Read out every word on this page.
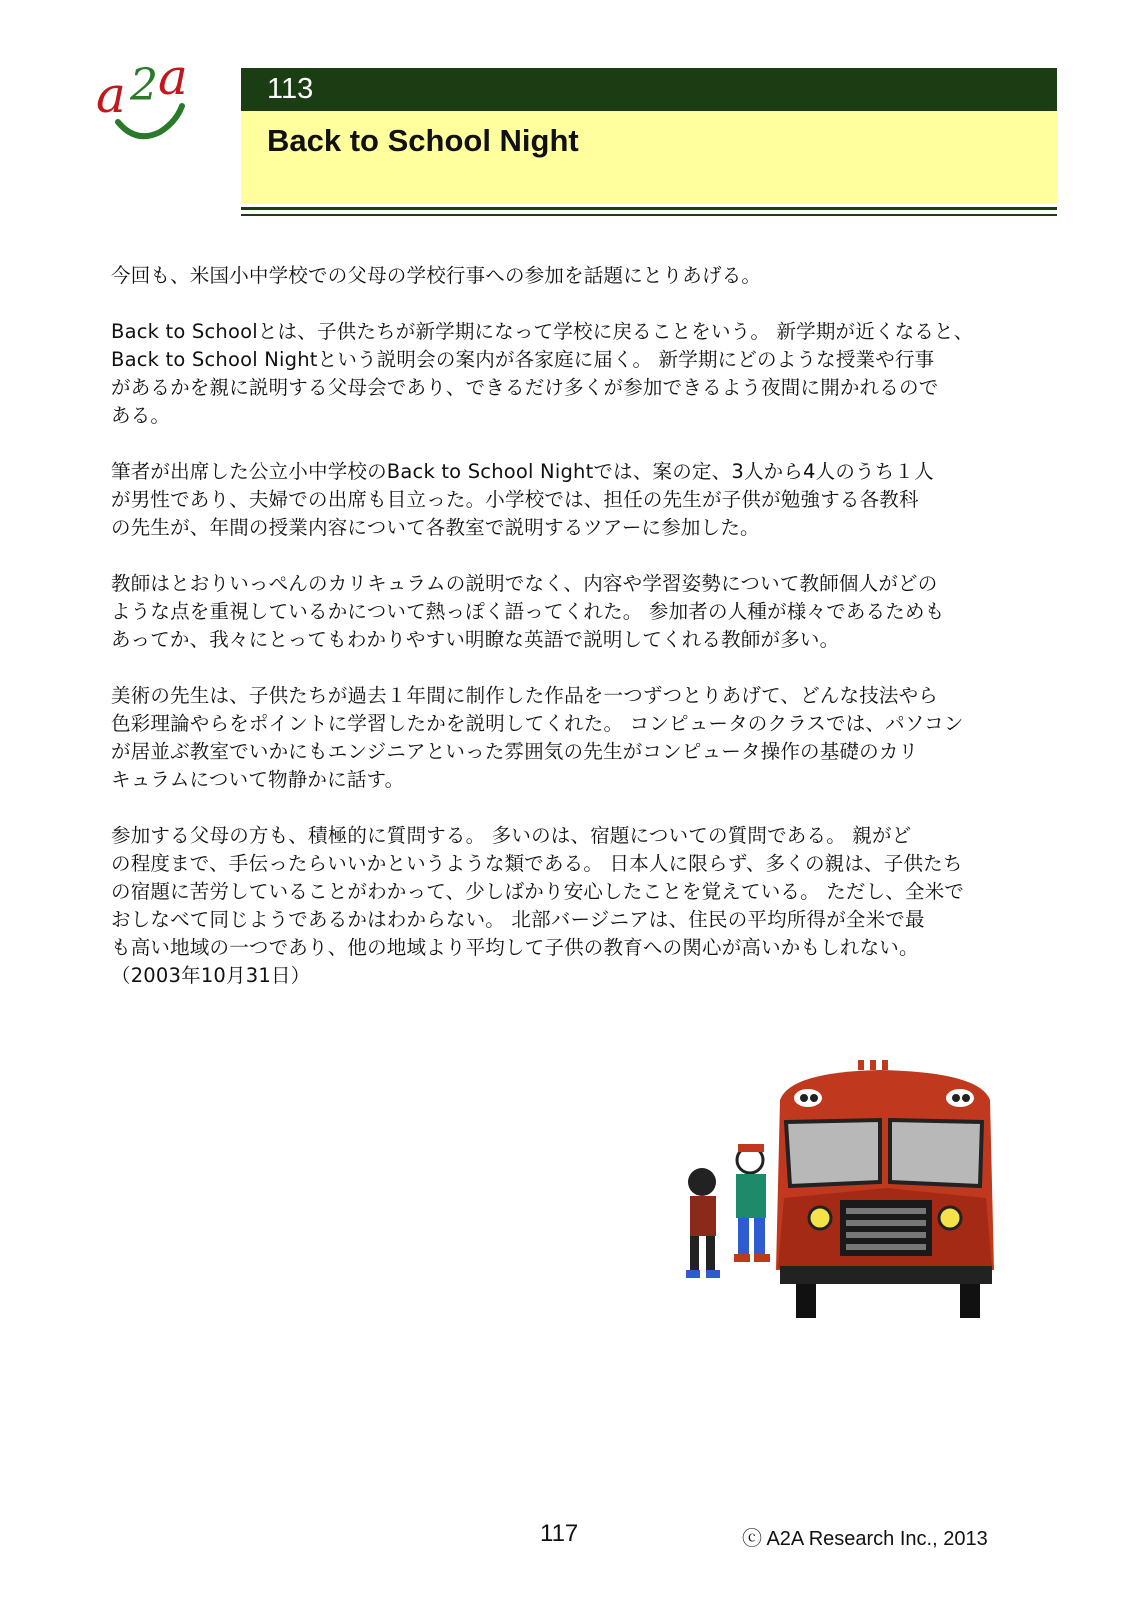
a 2 a	113
Back to School Night

今回も、米国小中学校での父母の学校行事への参加を話題にとりあげる。

Back to Schoolとは、子供たちが新学期になって学校に戻ることをいう。 新学期が近くなると、
Back to School Nightという説明会の案内が各家庭に届く。 新学期にどのような授業や行事
があるかを親に説明する父母会であり、できるだけ多くが参加できるよう夜間に開かれるので
ある。

筆者が出席した公立小中学校のBack to School Nightでは、案の定、3人から4人のうち１人
が男性であり、夫婦での出席も目立った。小学校では、担任の先生が子供が勉強する各教科
の先生が、年間の授業内容について各教室で説明するツアーに参加した。

教師はとおりいっぺんのカリキュラムの説明でなく、内容や学習姿勢について教師個人がどの
ような点を重視しているかについて熱っぽく語ってくれた。 参加者の人種が様々であるためも
あってか、我々にとってもわかりやすい明瞭な英語で説明してくれる教師が多い。

美術の先生は、子供たちが過去１年間に制作した作品を一つずつとりあげて、どんな技法やら
色彩理論やらをポイントに学習したかを説明してくれた。 コンピュータのクラスでは、パソコン
が居並ぶ教室でいかにもエンジニアといった雰囲気の先生がコンピュータ操作の基礎のカリ
キュラムについて物静かに話す。

参加する父母の方も、積極的に質問する。 多いのは、宿題についての質問である。 親がど
の程度まで、手伝ったらいいかというような類である。 日本人に限らず、多くの親は、子供たち
の宿題に苦労していることがわかって、少しばかり安心したことを覚えている。 ただし、全米で
おしなべて同じようであるかはわからない。 北部バージニアは、住民の平均所得が全米で最
も高い地域の一つであり、他の地域より平均して子供の教育への関心が高いかもしれない。
（2003年10月31日）

117	ⓒ A2A Research Inc., 2013
